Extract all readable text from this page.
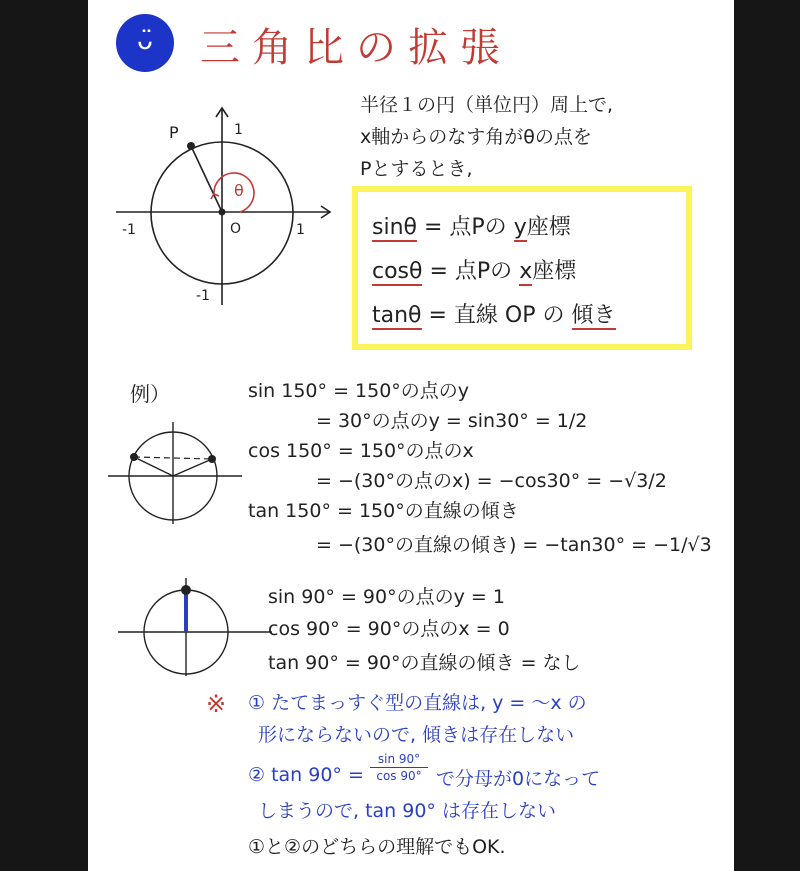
ᴗ̈	三角比の拡張
半径１の円（単位円）周上で,
x軸からのなす角がθの点を
Pとするとき,
P	1
1
-1
-1
O
θ
sinθ = 点Pの y座標
cosθ = 点Pの x座標
tanθ = 直線 OP の 傾き
例）	sin 150° = 150°の点のy
= 30°の点のy = sin30° = 1/2
cos 150° = 150°の点のx
= −(30°の点のx) = −cos30° = −√3/2
tan 150° = 150°の直線の傾き
= −(30°の直線の傾き) = −tan30° = −1/√3
sin 90° = 90°の点のy = 1
cos 90° = 90°の点のx = 0
tan 90° = 90°の直線の傾き = なし
※ ① たてまっすぐ型の直線は, y = 〜x の
形にならないので, 傾きは存在しない
② tan 90° =
sin 90°
cos 90° で分母が0になって
しまうので, tan 90° は存在しない
①と②のどちらの理解でもOK.
